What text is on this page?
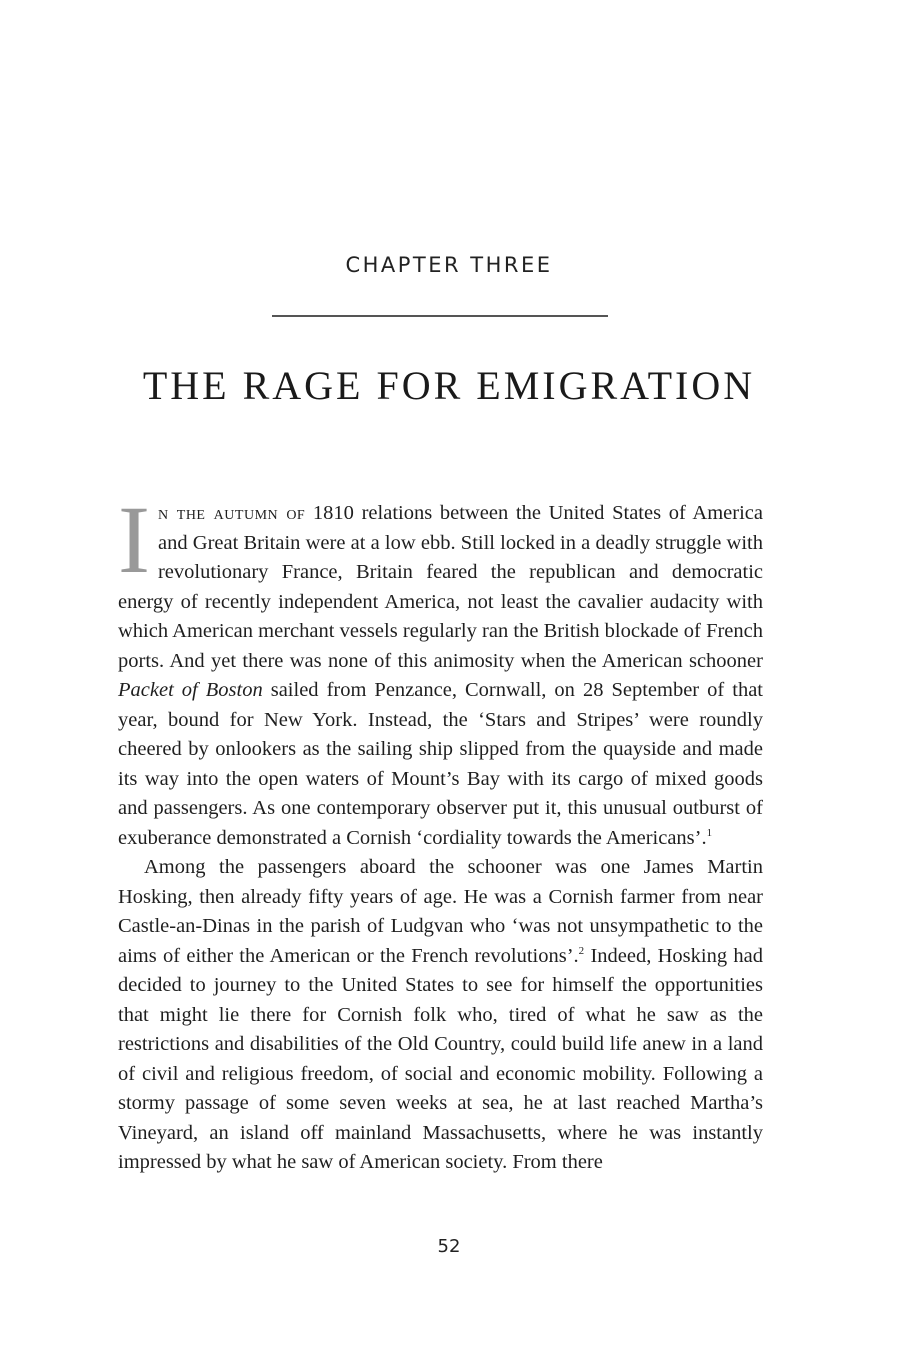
CHAPTER THREE
THE RAGE FOR EMIGRATION

I n the autumn of 1810 relations between the United States of America and Great Britain were at a low ebb. Still locked in a deadly struggle with revolutionary France, Britain feared the republican and democratic energy of recently independent America, not least the cavalier audacity with which American merchant vessels regularly ran the British blockade of French ports. And yet there was none of this animosity when the American schooner Packet of Boston sailed from Penzance, Cornwall, on 28 September of that year, bound for New York. Instead, the ‘Stars and Stripes’ were roundly cheered by onlookers as the sailing ship slipped from the quayside and made its way into the open waters of Mount’s Bay with its cargo of mixed goods and passengers. As one contemporary observer put it, this unusual outburst of exuberance demonstrated a Cornish ‘cordiality towards the Americans’.$^1$

Among the passengers aboard the schooner was one James Martin Hosking, then already fifty years of age. He was a Cornish farmer from near Castle-an-Dinas in the parish of Ludgvan who ‘was not unsympathetic to the aims of either the American or the French revolutions’.$^2$ Indeed, Hosking had decided to journey to the United States to see for himself the opportunities that might lie there for Cornish folk who, tired of what he saw as the restrictions and disabilities of the Old Country, could build life anew in a land of civil and religious freedom, of social and economic mobility. Following a stormy passage of some seven weeks at sea, he at last reached Martha’s Vineyard, an island off mainland Massachusetts, where he was instantly impressed by what he saw of American society. From there

52
